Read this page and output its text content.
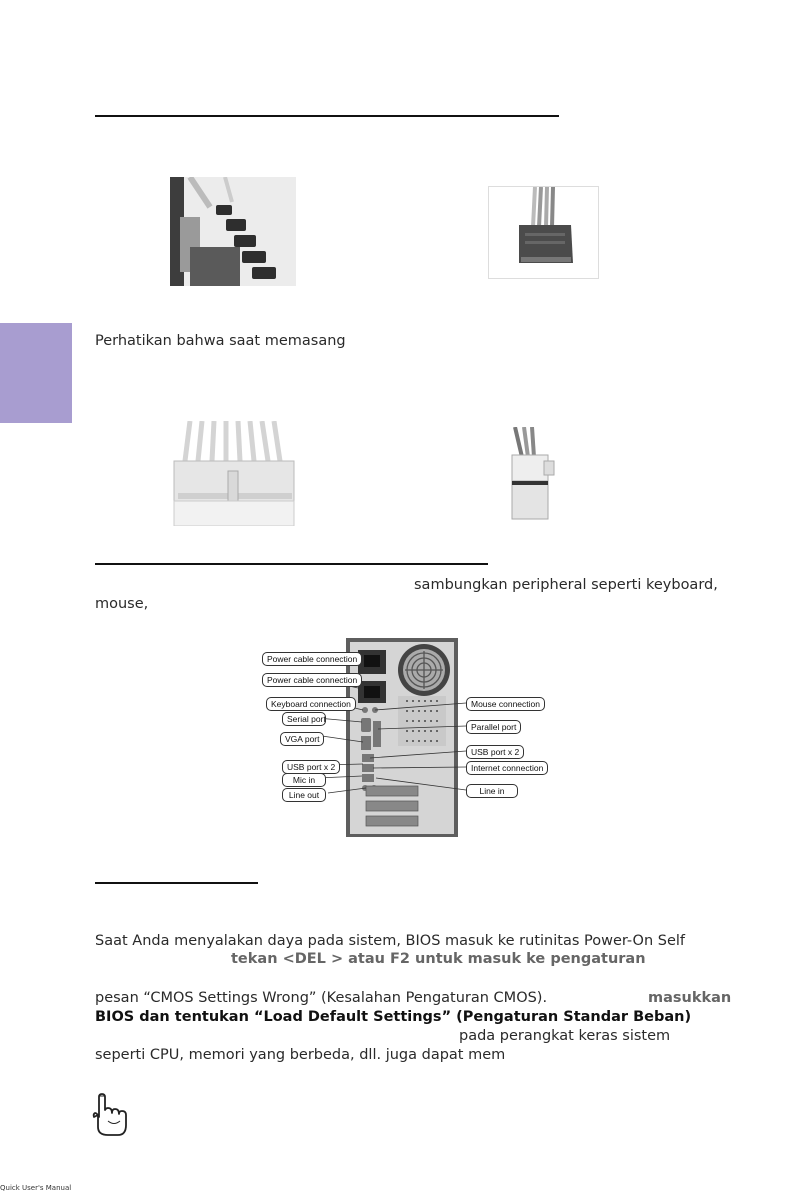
Perhatikan bahwa saat memasang
sambungkan peripheral seperti keyboard,
mouse,
Power cable connection
Power cable connection
Keyboard connection
Serial port
VGA port
USB port x 2
Mic in
Line out
Mouse connection
Parallel port
USB port x 2
Internet connection
Line in
Saat Anda menyalakan daya pada sistem, BIOS masuk ke rutinitas Power-On Self
tekan <DEL > atau F2 untuk masuk ke pengaturan
pesan “CMOS Settings Wrong” (Kesalahan Pengaturan CMOS).	masukkan
BIOS dan tentukan “Load Default Settings” (Pengaturan Standar Beban)
pada perangkat keras sistem
seperti CPU, memori yang berbeda, dll. juga dapat mem
Quick User's Manual
